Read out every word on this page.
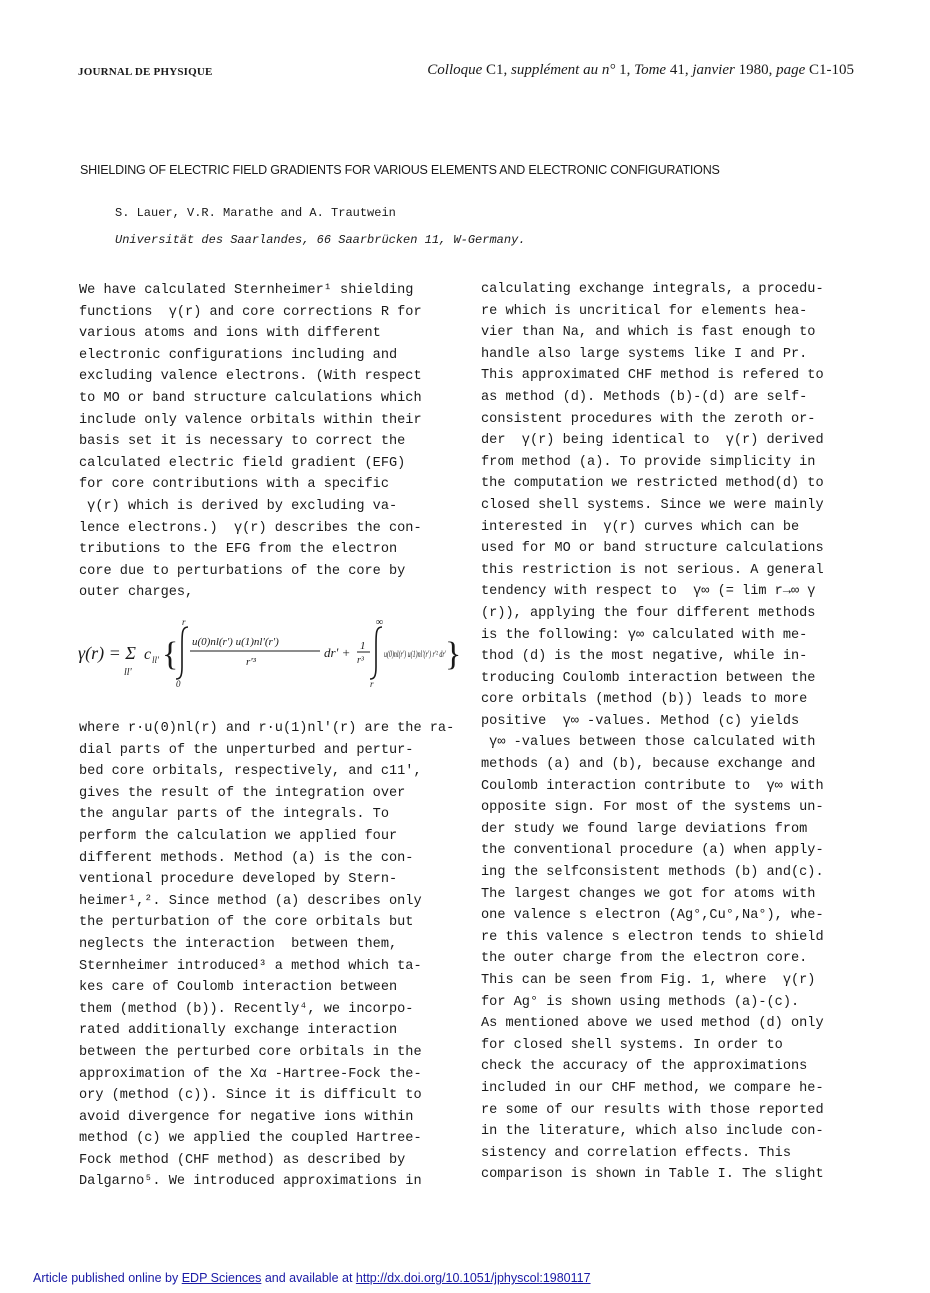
JOURNAL DE PHYSIQUE	Colloque C1, supplément au n° 1, Tome 41, janvier 1980, page C1-105
SHIELDING OF ELECTRIC FIELD GRADIENTS FOR VARIOUS ELEMENTS AND ELECTRONIC CONFIGURATIONS
S. Lauer, V.R. Marathe and A. Trautwein
Universität des Saarlandes, 66 Saarbrücken 11, W-Germany.
We have calculated Sternheimer¹ shielding
functions  γ(r) and core corrections R for
various atoms and ions with different
electronic configurations including and
excluding valence electrons. (With respect
to MO or band structure calculations which
include only valence orbitals within their
basis set it is necessary to correct the
calculated electric field gradient (EFG)
for core contributions with a specific
γ(r) which is derived by excluding va-
lence electrons.)  γ(r) describes the con-
tributions to the EFG from the electron
core due to perturbations of the core by
outer charges,
γ(r) = Σ
ll'
c ll' {
r
0
u(0)nl(r') u(1)nl'(r')
r'³
dr' + 1
r³
∞
r
u(0)nl(r') u(1)nl'(r') r'² dr'
}
where r·u(0)nl(r) and r·u(1)nl'(r) are the ra-
dial parts of the unperturbed and pertur-
bed core orbitals, respectively, and c11',
gives the result of the integration over
the angular parts of the integrals. To
perform the calculation we applied four
different methods. Method (a) is the con-
ventional procedure developed by Stern-
heimer¹,². Since method (a) describes only
the perturbation of the core orbitals but
neglects the interaction  between them,
Sternheimer introduced³ a method which ta-
kes care of Coulomb interaction between
them (method (b)). Recently⁴, we incorpo-
rated additionally exchange interaction
between the perturbed core orbitals in the
approximation of the Xα -Hartree-Fock the-
ory (method (c)). Since it is difficult to
avoid divergence for negative ions within
method (c) we applied the coupled Hartree-
Fock method (CHF method) as described by
Dalgarno⁵. We introduced approximations in
calculating exchange integrals, a procedu-
re which is uncritical for elements hea-
vier than Na, and which is fast enough to
handle also large systems like I and Pr.
This approximated CHF method is refered to
as method (d). Methods (b)-(d) are self-
consistent procedures with the zeroth or-
der  γ(r) being identical to  γ(r) derived
from method (a). To provide simplicity in
the computation we restricted method(d) to
closed shell systems. Since we were mainly
interested in  γ(r) curves which can be
used for MO or band structure calculations
this restriction is not serious. A general
tendency with respect to  γ∞ (= lim r→∞ γ
(r)), applying the four different methods
is the following: γ∞ calculated with me-
thod (d) is the most negative, while in-
troducing Coulomb interaction between the
core orbitals (method (b)) leads to more
positive  γ∞ -values. Method (c) yields
γ∞ -values between those calculated with
methods (a) and (b), because exchange and
Coulomb interaction contribute to  γ∞ with
opposite sign. For most of the systems un-
der study we found large deviations from
the conventional procedure (a) when apply-
ing the selfconsistent methods (b) and(c).
The largest changes we got for atoms with
one valence s electron (Ag°,Cu°,Na°), whe-
re this valence s electron tends to shield
the outer charge from the electron core.
This can be seen from Fig. 1, where  γ(r)
for Ag° is shown using methods (a)-(c).
As mentioned above we used method (d) only
for closed shell systems. In order to
check the accuracy of the approximations
included in our CHF method, we compare he-
re some of our results with those reported
in the literature, which also include con-
sistency and correlation effects. This
comparison is shown in Table I. The slight
Article published online by EDP Sciences and available at http://dx.doi.org/10.1051/jphyscol:1980117
